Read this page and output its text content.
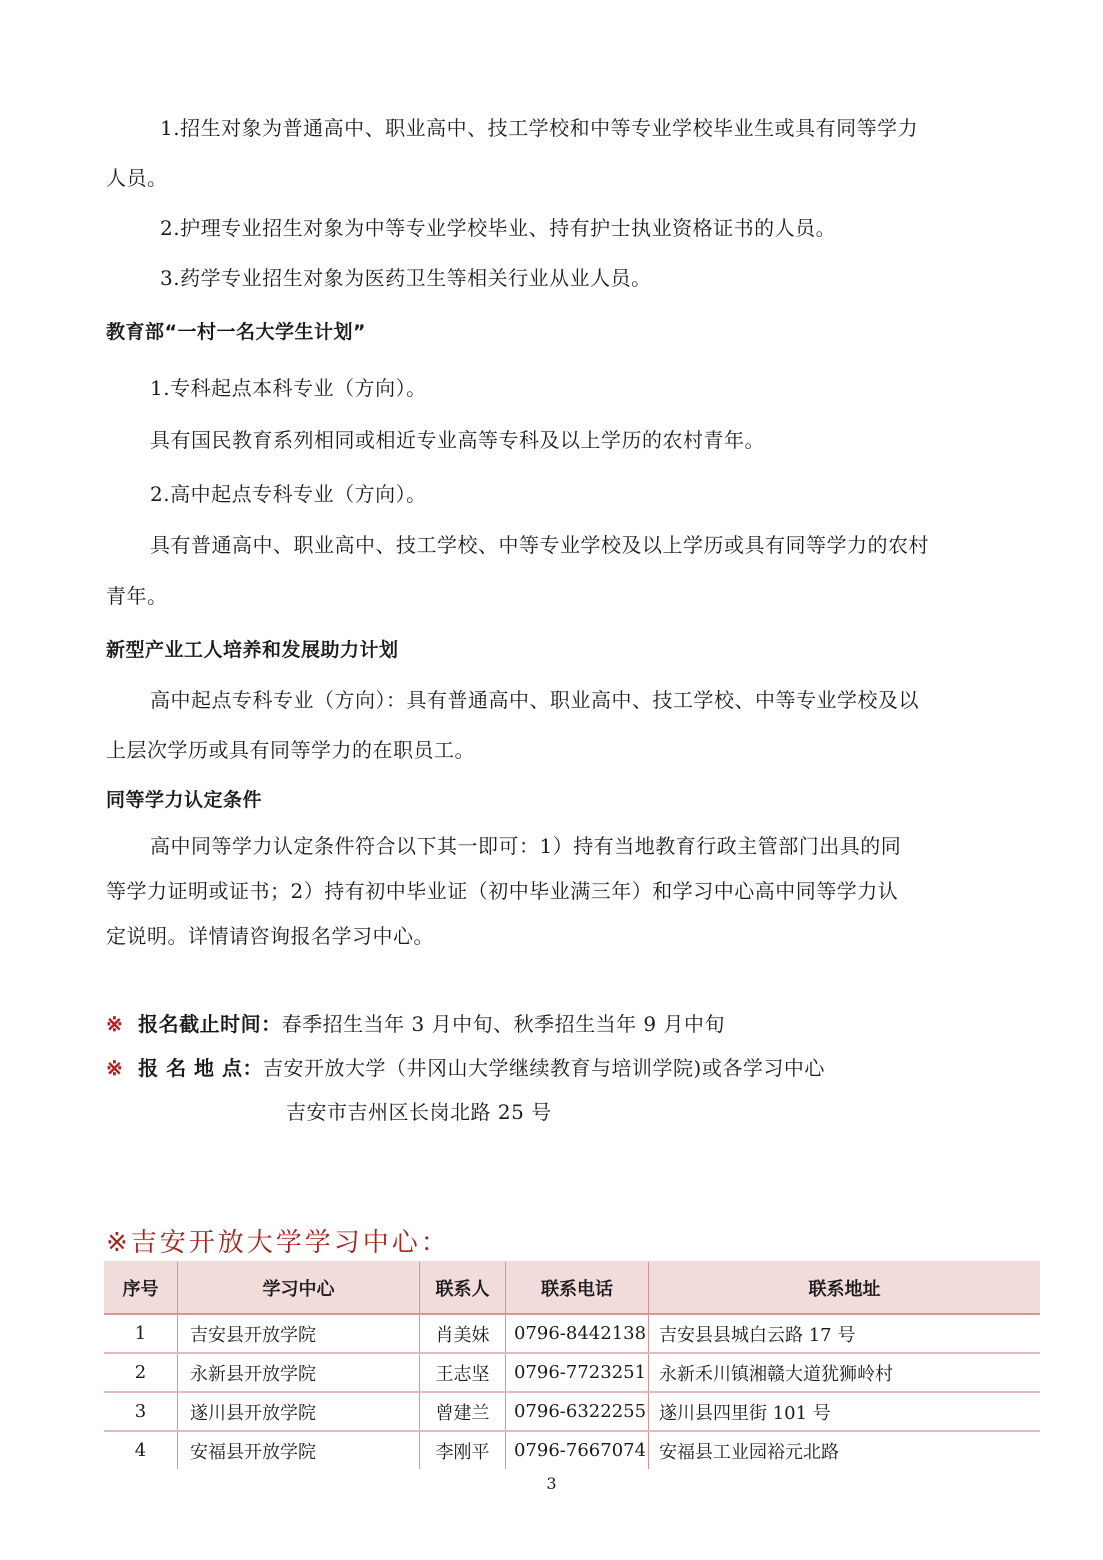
1.招生对象为普通高中、职业高中、技工学校和中等专业学校毕业生或具有同等学力
人员。
2.护理专业招生对象为中等专业学校毕业、持有护士执业资格证书的人员。
3.药学专业招生对象为医药卫生等相关行业从业人员。
教育部“一村一名大学生计划”
1.专科起点本科专业（方向）。
具有国民教育系列相同或相近专业高等专科及以上学历的农村青年。
2.高中起点专科专业（方向）。
具有普通高中、职业高中、技工学校、中等专业学校及以上学历或具有同等学力的农村
青年。
新型产业工人培养和发展助力计划
高中起点专科专业（方向）：具有普通高中、职业高中、技工学校、中等专业学校及以
上层次学历或具有同等学力的在职员工。
同等学力认定条件
高中同等学力认定条件符合以下其一即可：1）持有当地教育行政主管部门出具的同
等学力证明或证书；2）持有初中毕业证（初中毕业满三年）和学习中心高中同等学力认
定说明。详情请咨询报名学习中心。
※ 报名截止时间：春季招生当年 3 月中旬、秋季招生当年 9 月中旬
※ 报 名 地 点：吉安开放大学（井冈山大学继续教育与培训学院)或各学习中心
吉安市吉州区长岗北路 25 号
※吉安开放大学学习中心：
序号	学习中心	联系人	联系电话	联系地址
1	吉安县开放学院	肖美妹	0796-8442138	吉安县县城白云路 17 号
2	永新县开放学院	王志坚	0796-7723251	永新禾川镇湘赣大道犹狮岭村
3	遂川县开放学院	曾建兰	0796-6322255	遂川县四里街 101 号
4	安福县开放学院	李刚平	0796-7667074	安福县工业园裕元北路
3
